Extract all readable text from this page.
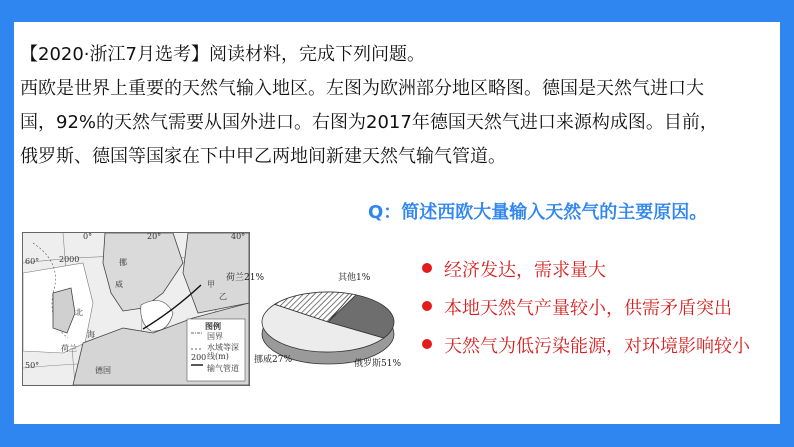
【2020·浙江7月选考】阅读材料，完成下列问题。
西欧是世界上重要的天然气输入地区。左图为欧洲部分地区略图。德国是天然气进口大
国，92%的天然气需要从国外进口。右图为2017年德国天然气进口来源构成图。目前，
俄罗斯、德国等国家在下中甲乙两地间新建天然气输气管道。
60°
50°
0°	20°	40°
挪
威	甲
乙
北
海
荷兰
德国
2000
200
图例
国界
水域等深线(m)
输气管道
荷兰21%	其他1%
挪威27%	俄罗斯51%
Q：简述西欧大量输入天然气的主要原因。
经济发达，需求量大
本地天然气产量较小，供需矛盾突出
天然气为低污染能源，对环境影响较小
